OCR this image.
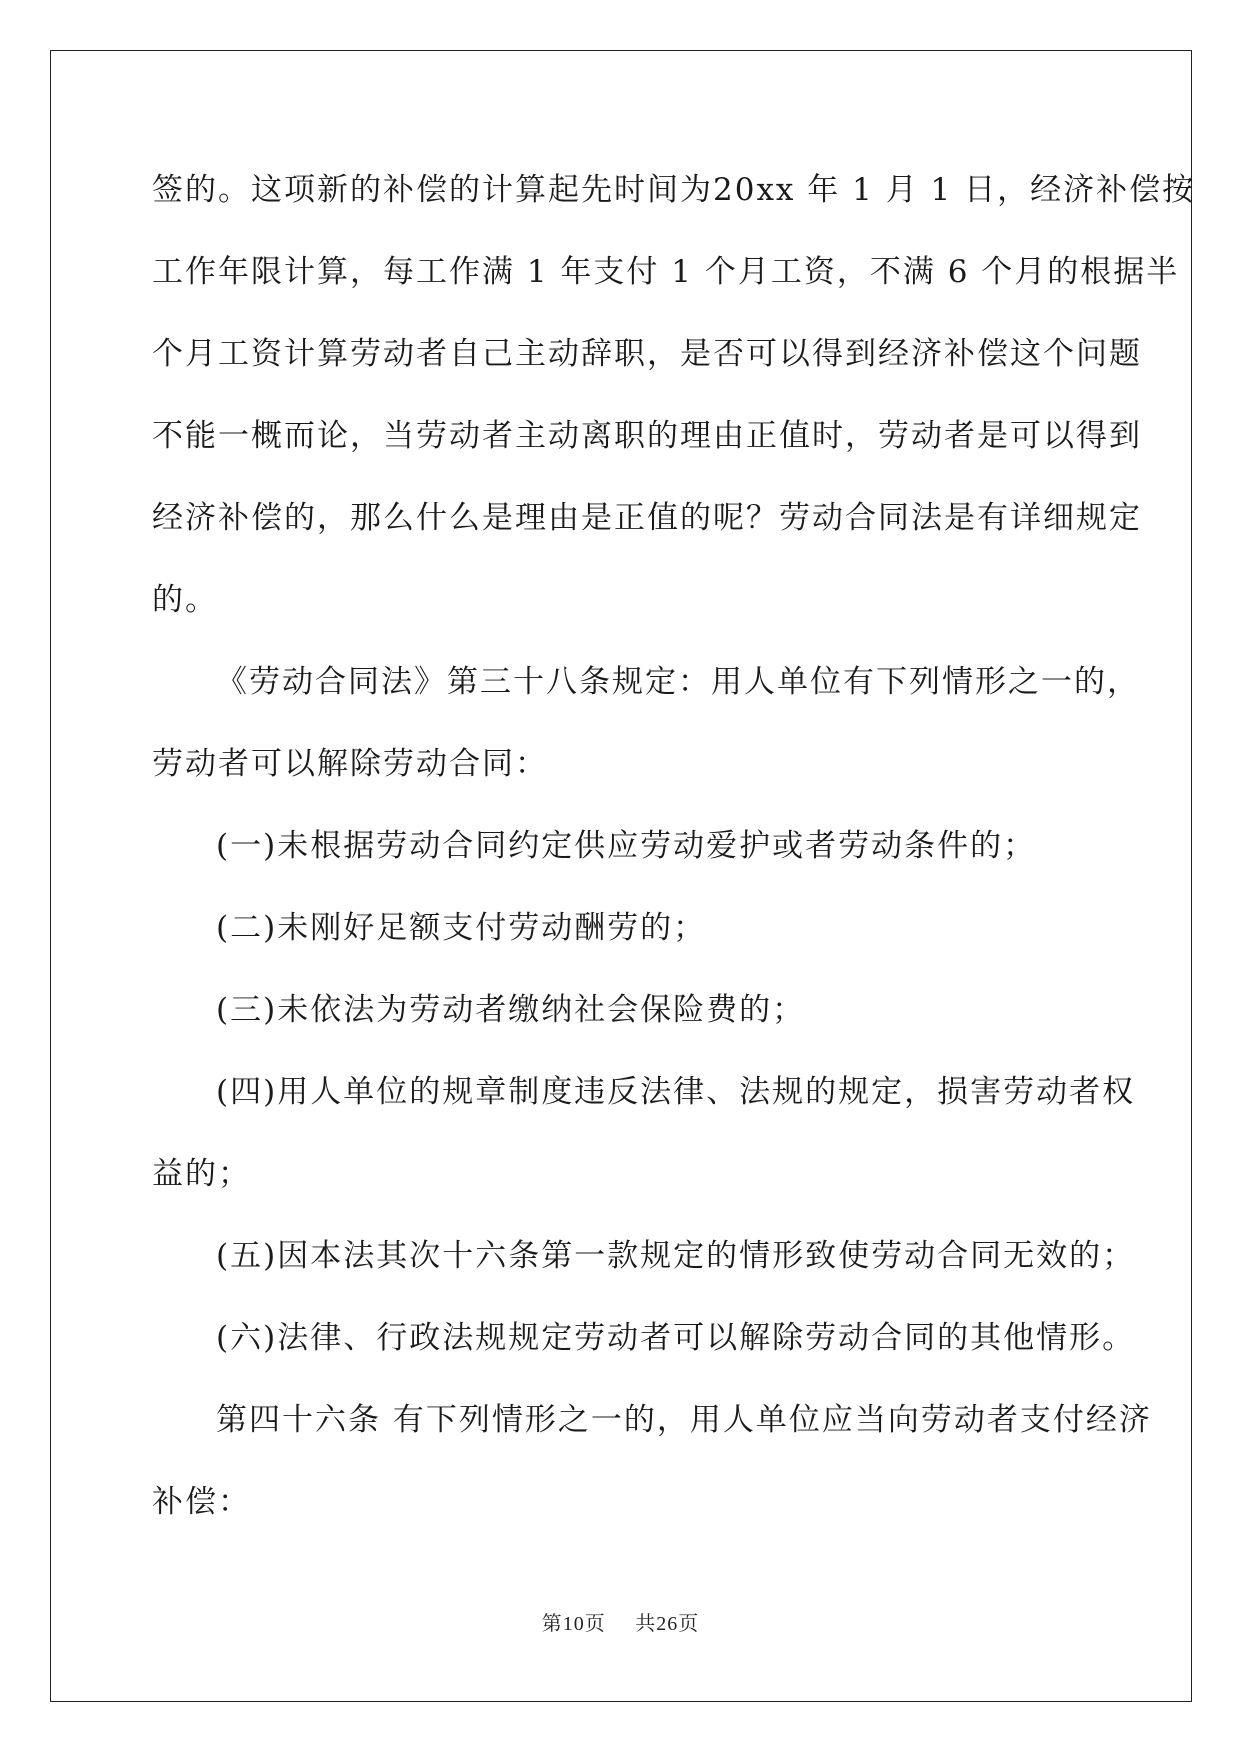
签的。这项新的补偿的计算起先时间为20xx 年 1 月 1 日，经济补偿按
工作年限计算，每工作满 1 年支付 1 个月工资，不满 6 个月的根据半
个月工资计算劳动者自己主动辞职，是否可以得到经济补偿这个问题
不能一概而论，当劳动者主动离职的理由正值时，劳动者是可以得到
经济补偿的，那么什么是理由是正值的呢？劳动合同法是有详细规定
的。
《劳动合同法》第三十八条规定：用人单位有下列情形之一的，
劳动者可以解除劳动合同：
(一)未根据劳动合同约定供应劳动爱护或者劳动条件的；
(二)未刚好足额支付劳动酬劳的；
(三)未依法为劳动者缴纳社会保险费的；
(四)用人单位的规章制度违反法律、法规的规定，损害劳动者权
益的；
(五)因本法其次十六条第一款规定的情形致使劳动合同无效的；
(六)法律、行政法规规定劳动者可以解除劳动合同的其他情形。
第四十六条 有下列情形之一的，用人单位应当向劳动者支付经济
补偿：
第10页    共26页
